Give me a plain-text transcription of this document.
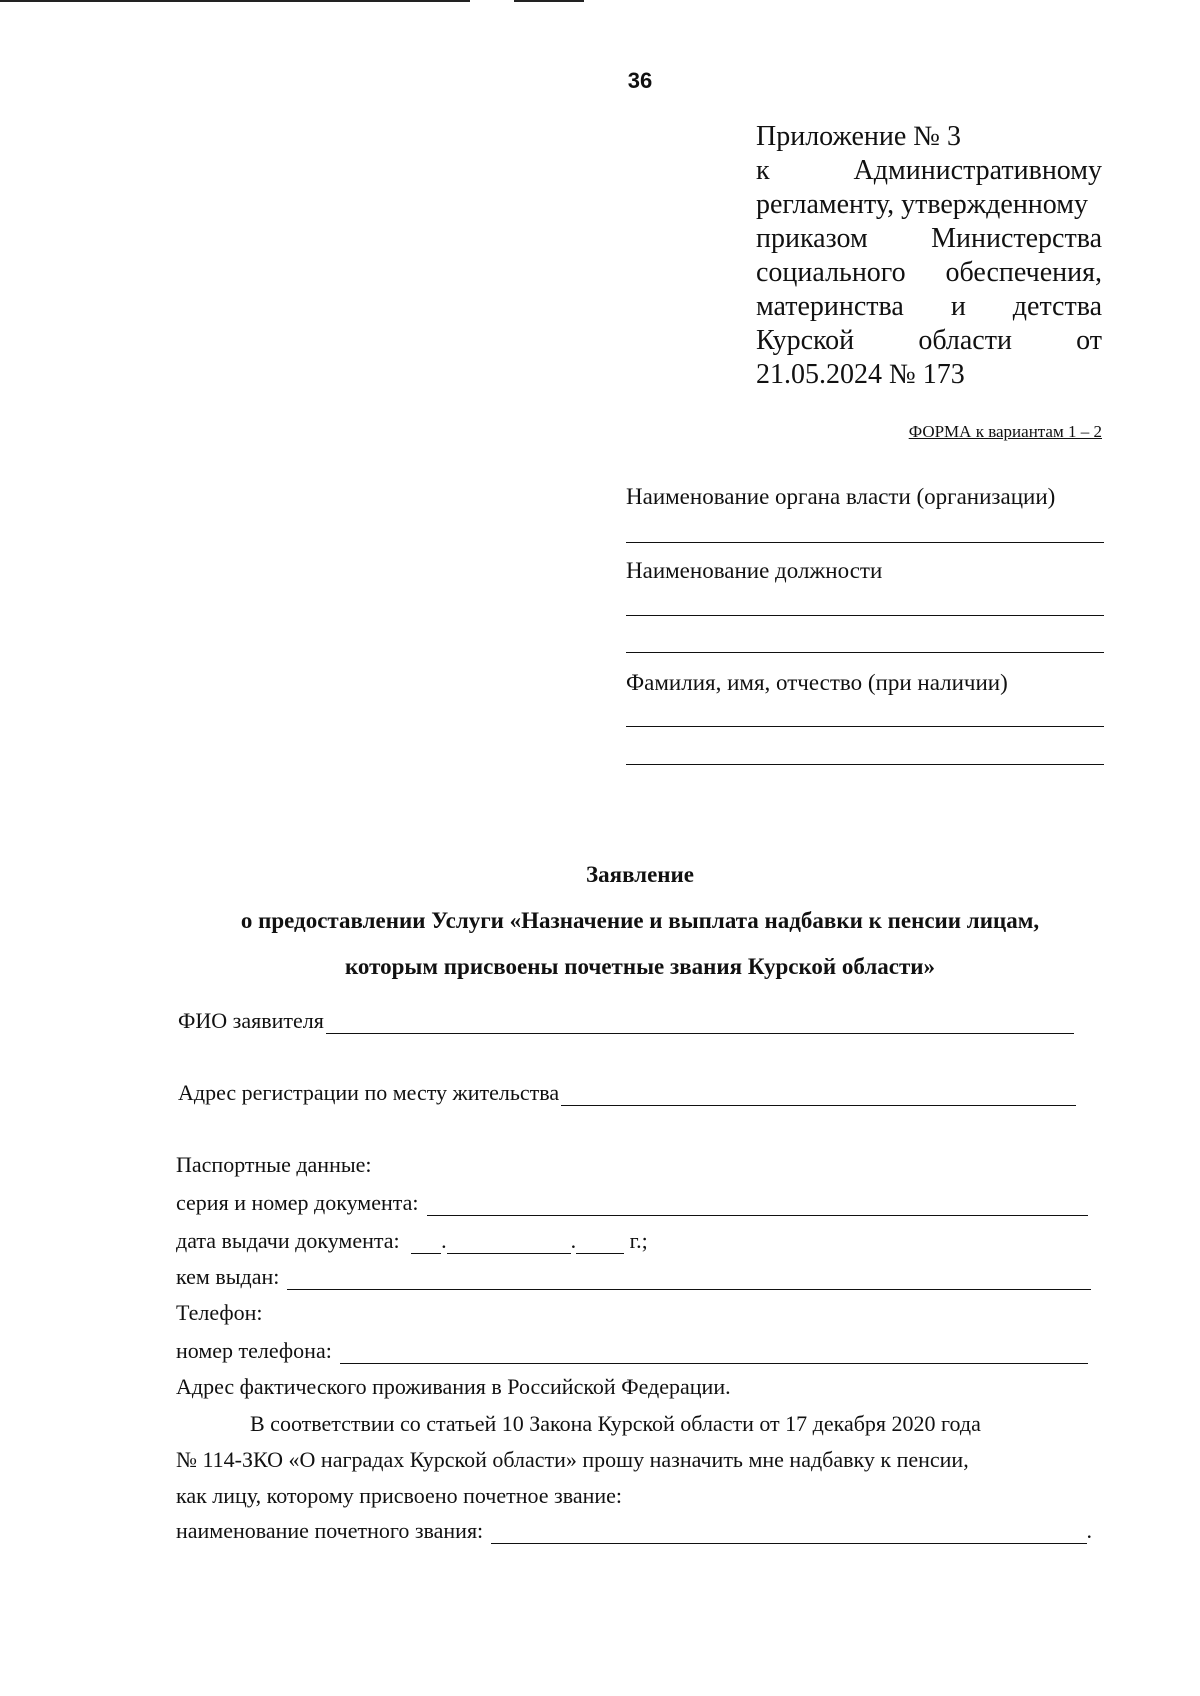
36
Приложение № 3
к	Административному
регламенту, утвержденному
приказом Министерства
социального обеспечения,
материнства и детства
Курской области от
21.05.2024 № 173
ФОРМА к вариантам 1 – 2
Наименование органа власти (организации)
Наименование должности
Фамилия, имя, отчество (при наличии)
Заявление
о предоставлении Услуги «Назначение и выплата надбавки к пенсии лицам,
которым присвоены почетные звания Курской области»
ФИО заявителя
Адрес регистрации по месту жительства
Паспортные данные:
серия и номер документа:
дата выдачи документа: .	. г.;
кем выдан:
Телефон:
номер телефона:
Адрес фактического проживания в Российской Федерации.
В соответствии со статьей 10 Закона Курской области от 17 декабря 2020 года
№ 114-ЗКО «О наградах Курской области» прошу назначить мне надбавку к пенсии,
как лицу, которому присвоено почетное звание:
наименование почетного звания:	.
